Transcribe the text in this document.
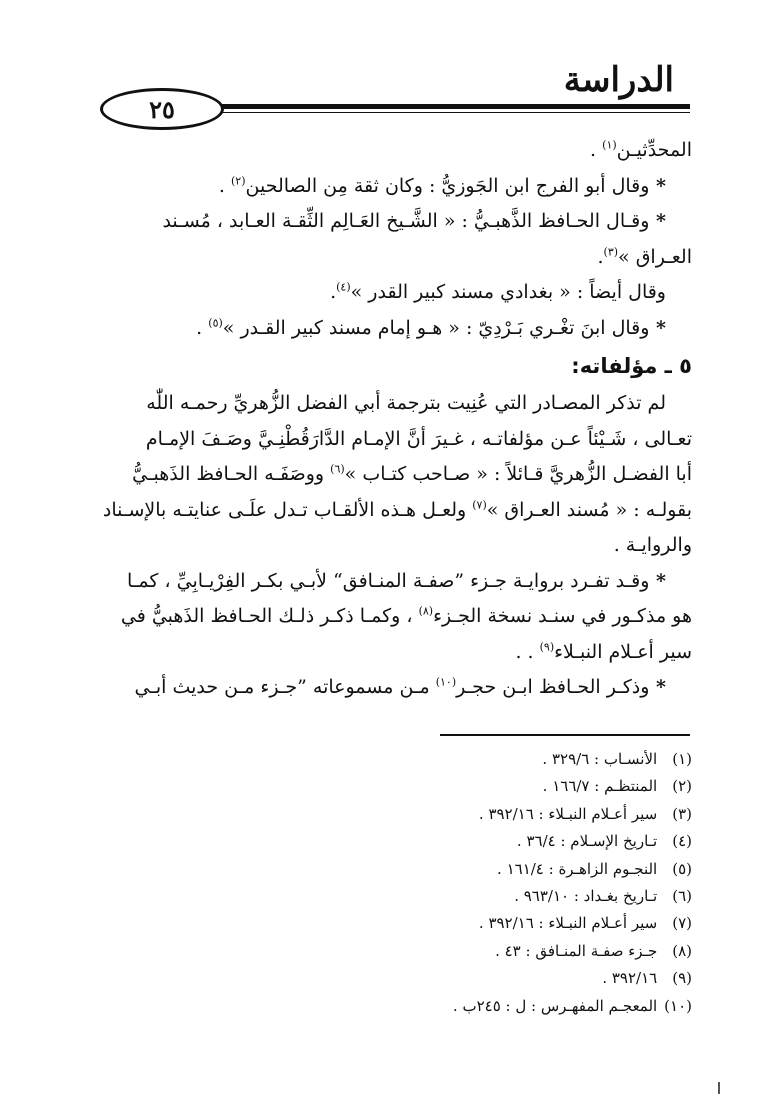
الدراسة
٢٥
المحدِّثيـن$^{(١)}$ .
* وقال أبو الفرج ابن الجَوزيُّ : وكان ثقة مِن الصالحين$^{(٢)}$ .
* وقـال الحـافظ الذَّهبـيُّ : « الشَّـيخ العَـالِم الثِّقـة العـابد ، مُسـند
العـراق »$^{(٣)}$.
وقال أيضاً : « بغدادي مسند كبير القدر »$^{(٤)}$.
* وقال ابنَ تغْـري بَـرْدِيّ : « هـو إمام مسند كبير القـدر »$^{(٥)}$ .
٥ ـ مؤلفاته:
لم تذكر المصـادر التي عُنِيت بترجمة أبي الفضل الزُّهريِّ رحمـه اللّٰه
تعـالى ، شَـيْئاً عـن مؤلفاتـه ، غـيرَ أنَّ الإمـام الدَّارَقُطْنِـيَّ وصَـفَ الإمـام
أبا الفضـل الزُّهريَّ قـائلاً : « صـاحب كتـاب »$^{(٦)}$ ووصَفَـه الحـافظ الذَهبـيُّ
بقولـه : « مُسند العـراق »$^{(٧)}$ ولعـل هـذه الألقـاب تـدل علَـى عنايتـه بالإسـناد
والروايـة .
* وقـد تفـرد بروايـة جـزء ”صفـة المنـافق“ لأبـي بكـر الفِرْيـابِيِّ ، كمـا
هو مذكـور في سنـد نسخة الجـزء$^{(٨)}$ ، وكمـا ذكـر ذلـك الحـافظ الذَهبيُّ في
سير أعـلام النبـلاء$^{(٩)}$ . .
* وذكـر الحـافظ ابـن حجـر$^{(١٠)}$ مـن مسموعاته ”جـزء مـن حديث أبـي
(١) الأنسـاب : ٣٢٩/٦ .
(٢) المنتظـم : ١٦٦/٧ .
(٣) سير أعـلام النبـلاء : ٣٩٢/١٦ .
(٤) تـاريخ الإسـلام : ٣٦/٤ .
(٥) النجـوم الزاهـرة : ١٦١/٤ .
(٦) تـاريخ بغـداد : ٩٦٣/١٠ .
(٧) سير أعـلام النبـلاء : ٣٩٢/١٦ .
(٨) جـزء صفـة المنـافق : ٤٣ .
(٩) ٣٩٢/١٦ .
(١٠) المعجـم المفهـرس : ل : ٢٤٥ب .
